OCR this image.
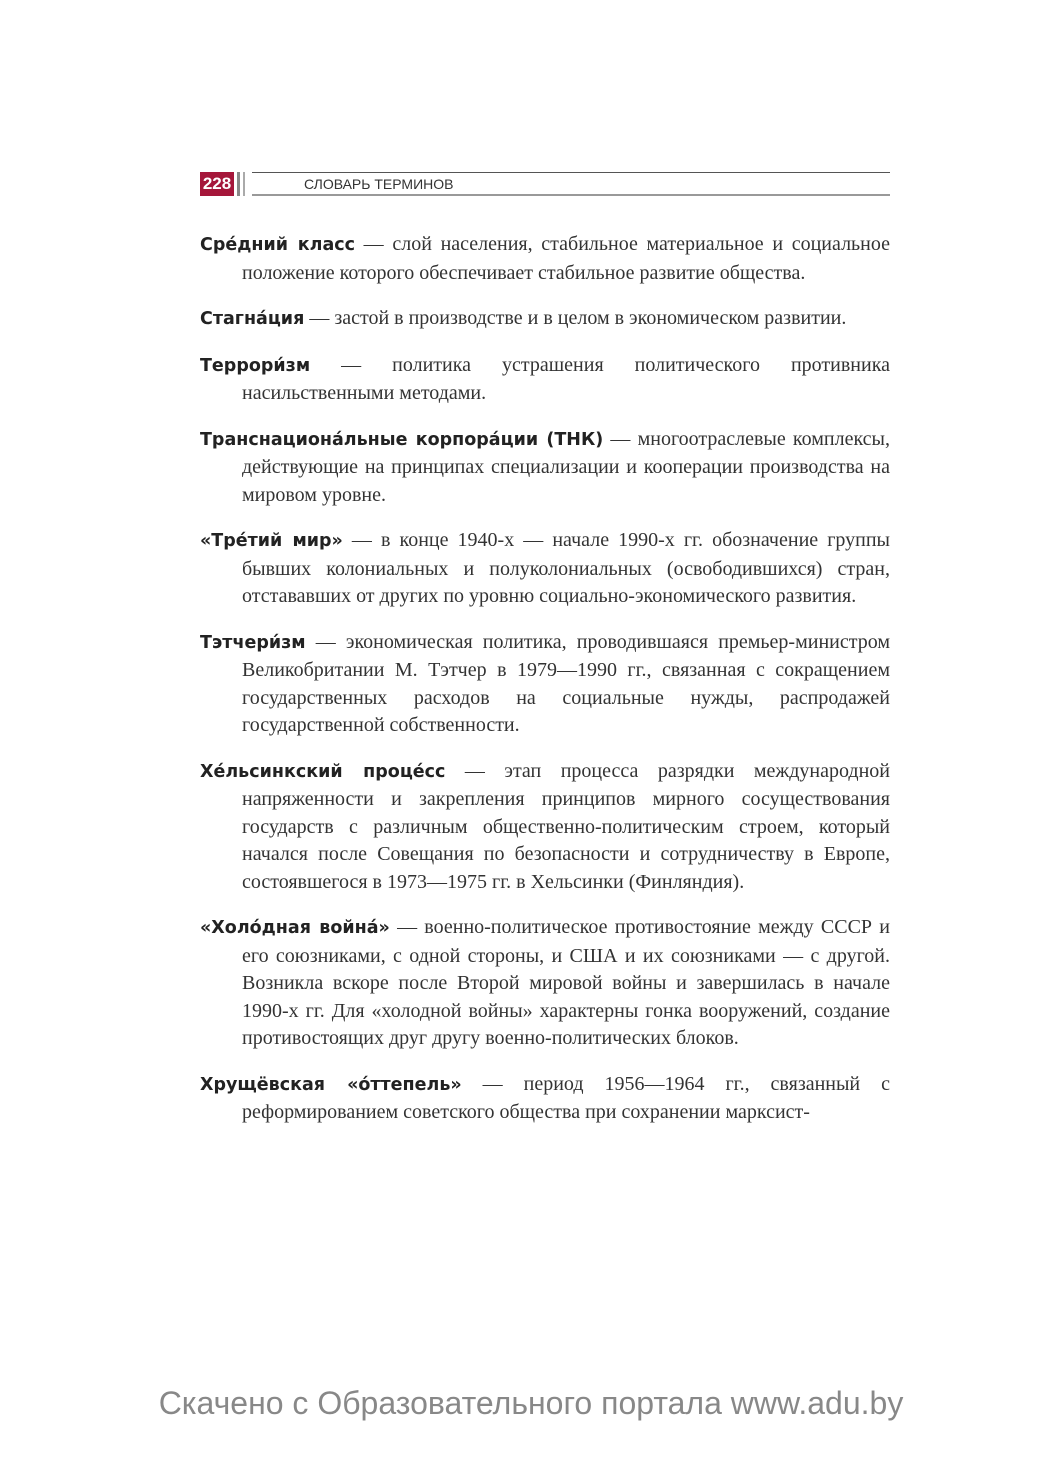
228	СЛОВАРЬ ТЕРМИНОВ

Сре́дний класс — слой населения, стабильное материальное и социальное положение которого обеспечивает стабильное развитие общества.

Стагна́ция — застой в производстве и в целом в экономическом развитии.

Террори́зм — политика устрашения политического противника насильственными методами.

Транснациона́льные корпора́ции (ТНК) — многоотраслевые комплексы, действующие на принципах специализации и кооперации производства на мировом уровне.

«Тре́тий мир» — в конце 1940-х — начале 1990-х гг. обозначение группы бывших колониальных и полуколониальных (освободившихся) стран, отстававших от других по уровню социально-экономического развития.

Тэтчери́зм — экономическая политика, проводившаяся премьер-министром Великобритании М. Тэтчер в 1979—1990 гг., связанная с сокращением государственных расходов на социальные нужды, распродажей государственной собственности.

Хе́льсинкский проце́сс — этап процесса разрядки международной напряженности и закрепления принципов мирного сосуществования государств с различным общественно-политическим строем, который начался после Совещания по безопасности и сотрудничеству в Европе, состоявшегося в 1973—1975 гг. в Хельсинки (Финляндия).

«Холо́дная война́» — военно-политическое противостояние между СССР и его союзниками, с одной стороны, и США и их союзниками — с другой. Возникла вскоре после Второй мировой войны и завершилась в начале 1990-х гг. Для «холодной войны» характерны гонка вооружений, создание противостоящих друг другу военно-политических блоков.

Хрущёвская «о́ттепель» — период 1956—1964 гг., связанный с реформированием советского общества при сохранении марксист-

Скачено с Образовательного портала www.adu.by
